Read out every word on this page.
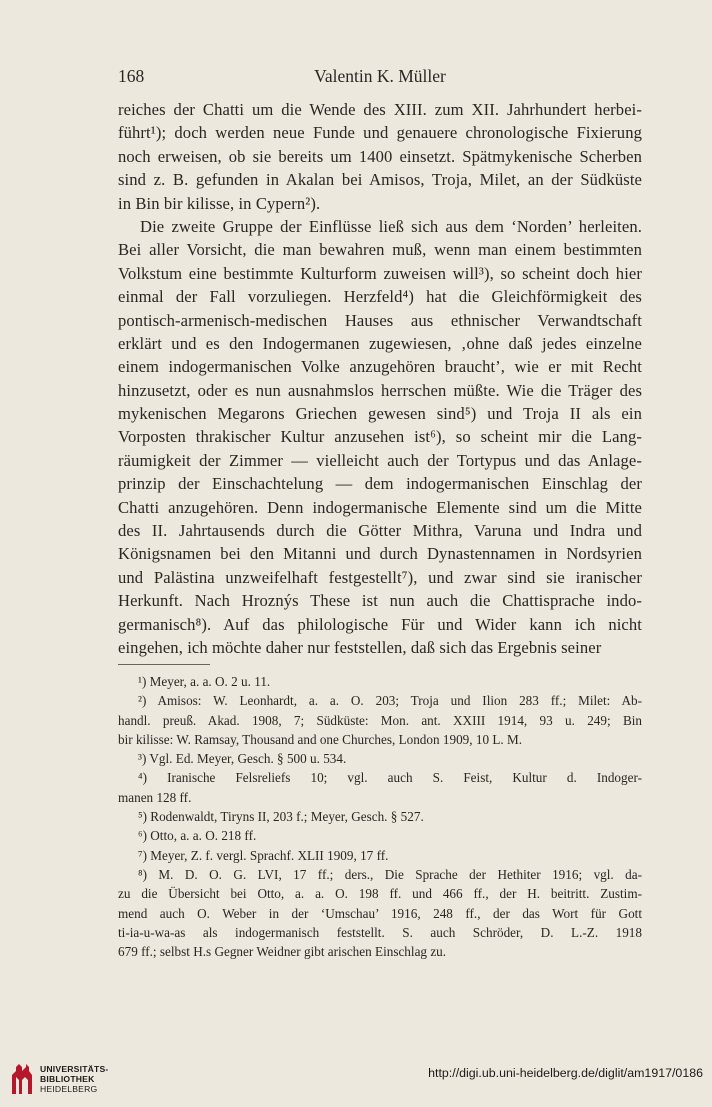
168	Valentin K. Müller
reiches der Chatti um die Wende des XIII. zum XII. Jahrhundert herbei-
führt¹); doch werden neue Funde und genauere chronologische Fixierung
noch erweisen, ob sie bereits um 1400 einsetzt. Spätmykenische Scherben
sind z. B. gefunden in Akalan bei Amisos, Troja, Milet, an der Südküste
in Bin bir kilisse, in Cypern²).
Die zweite Gruppe der Einflüsse ließ sich aus dem ‘Norden’ herleiten.
Bei aller Vorsicht, die man bewahren muß, wenn man einem bestimmten
Volkstum eine bestimmte Kulturform zuweisen will³), so scheint doch hier
einmal der Fall vorzuliegen. Herzfeld⁴) hat die Gleichförmigkeit des
pontisch-armenisch-medischen Hauses aus ethnischer Verwandtschaft
erklärt und es den Indogermanen zugewiesen, ‚ohne daß jedes einzelne
einem indogermanischen Volke anzugehören braucht’, wie er mit Recht
hinzusetzt, oder es nun ausnahmslos herrschen müßte. Wie die Träger des
mykenischen Megarons Griechen gewesen sind⁵) und Troja II als ein
Vorposten thrakischer Kultur anzusehen ist⁶), so scheint mir die Lang-
räumigkeit der Zimmer — vielleicht auch der Tortypus und das Anlage-
prinzip der Einschachtelung — dem indogermanischen Einschlag der
Chatti anzugehören. Denn indogermanische Elemente sind um die Mitte
des II. Jahrtausends durch die Götter Mithra, Varuna und Indra und
Königsnamen bei den Mitanni und durch Dynastennamen in Nordsyrien
und Palästina unzweifelhaft festgestellt⁷), und zwar sind sie iranischer
Herkunft. Nach Hroznýs These ist nun auch die Chattisprache indo-
germanisch⁸). Auf das philologische Für und Wider kann ich nicht
eingehen, ich möchte daher nur feststellen, daß sich das Ergebnis seiner
¹) Meyer, a. a. O. 2 u. 11.
²) Amisos: W. Leonhardt, a. a. O. 203; Troja und Ilion 283 ff.; Milet: Ab-
handl. preuß. Akad. 1908, 7; Südküste: Mon. ant. XXIII 1914, 93 u. 249; Bin
bir kilisse: W. Ramsay, Thousand and one Churches, London 1909, 10 L. M.
³) Vgl. Ed. Meyer, Gesch. § 500 u. 534.
⁴) Iranische Felsreliefs 10; vgl. auch S. Feist, Kultur d. Indoger-
manen 128 ff.
⁵) Rodenwaldt, Tiryns II, 203 f.; Meyer, Gesch. § 527.
⁶) Otto, a. a. O. 218 ff.
⁷) Meyer, Z. f. vergl. Sprachf. XLII 1909, 17 ff.
⁸) M. D. O. G. LVI, 17 ff.; ders., Die Sprache der Hethiter 1916; vgl. da-
zu die Übersicht bei Otto, a. a. O. 198 ff. und 466 ff., der H. beitritt. Zustim-
mend auch O. Weber in der ‘Umschau’ 1916, 248 ff., der das Wort für Gott
ti-ia-u-wa-as als indogermanisch feststellt. S. auch Schröder, D. L.-Z. 1918
679 ff.; selbst H.s Gegner Weidner gibt arischen Einschlag zu.
UNIVERSITÄTS-
BIBLIOTHEK
HEIDELBERG
http://digi.ub.uni-heidelberg.de/diglit/am1917/0186
